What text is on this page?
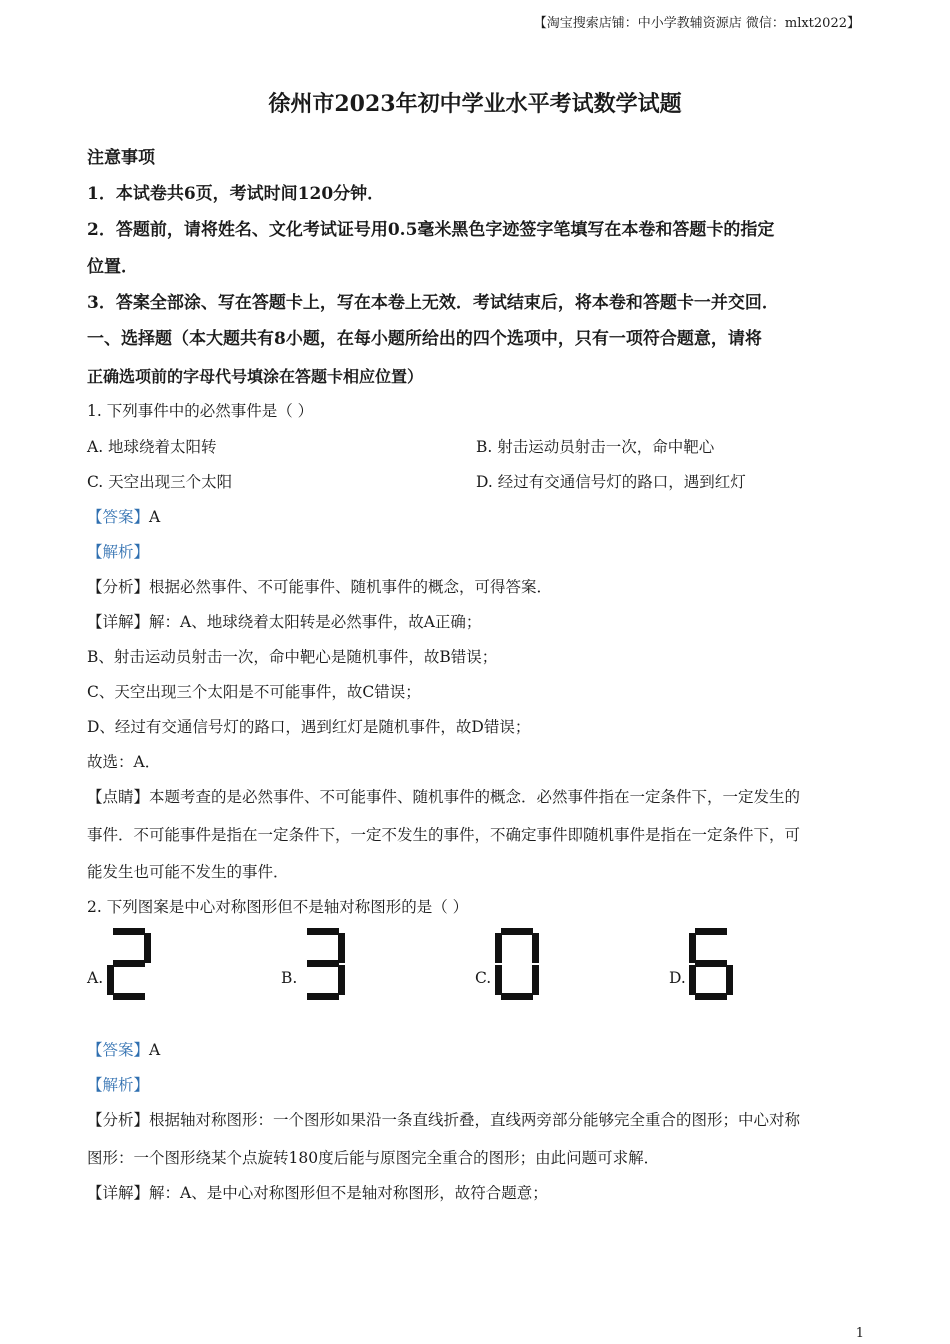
【淘宝搜索店铺：中小学教辅资源店 微信：mlxt2022】
徐州市2023年初中学业水平考试数学试题
注意事项
1．本试卷共6页，考试时间120分钟．
2．答题前，请将姓名、文化考试证号用0.5毫米黑色字迹签字笔填写在本卷和答题卡的指定
位置．
3．答案全部涂、写在答题卡上，写在本卷上无效．考试结束后，将本卷和答题卡一并交回．
一、选择题（本大题共有8小题，在每小题所给出的四个选项中，只有一项符合题意，请将
正确选项前的字母代号填涂在答题卡相应位置）
1. 下列事件中的必然事件是（ ）
A. 地球绕着太阳转	B. 射击运动员射击一次，命中靶心
C. 天空出现三个太阳	D. 经过有交通信号灯的路口，遇到红灯
【答案】A
【解析】
【分析】根据必然事件、不可能事件、随机事件的概念，可得答案．
【详解】解：A、地球绕着太阳转是必然事件，故A正确；
B、射击运动员射击一次，命中靶心是随机事件，故B错误；
C、天空出现三个太阳是不可能事件，故C错误；
D、经过有交通信号灯的路口，遇到红灯是随机事件，故D错误；
故选：A．
【点睛】本题考查的是必然事件、不可能事件、随机事件的概念．必然事件指在一定条件下，一定发生的
事件．不可能事件是指在一定条件下，一定不发生的事件，不确定事件即随机事件是指在一定条件下，可
能发生也可能不发生的事件．
2. 下列图案是中心对称图形但不是轴对称图形的是（ ）
A.	B.	C.	D.
【答案】A
【解析】
【分析】根据轴对称图形：一个图形如果沿一条直线折叠，直线两旁部分能够完全重合的图形；中心对称
图形：一个图形绕某个点旋转180度后能与原图完全重合的图形；由此问题可求解．
【详解】解：A、是中心对称图形但不是轴对称图形，故符合题意；
1
